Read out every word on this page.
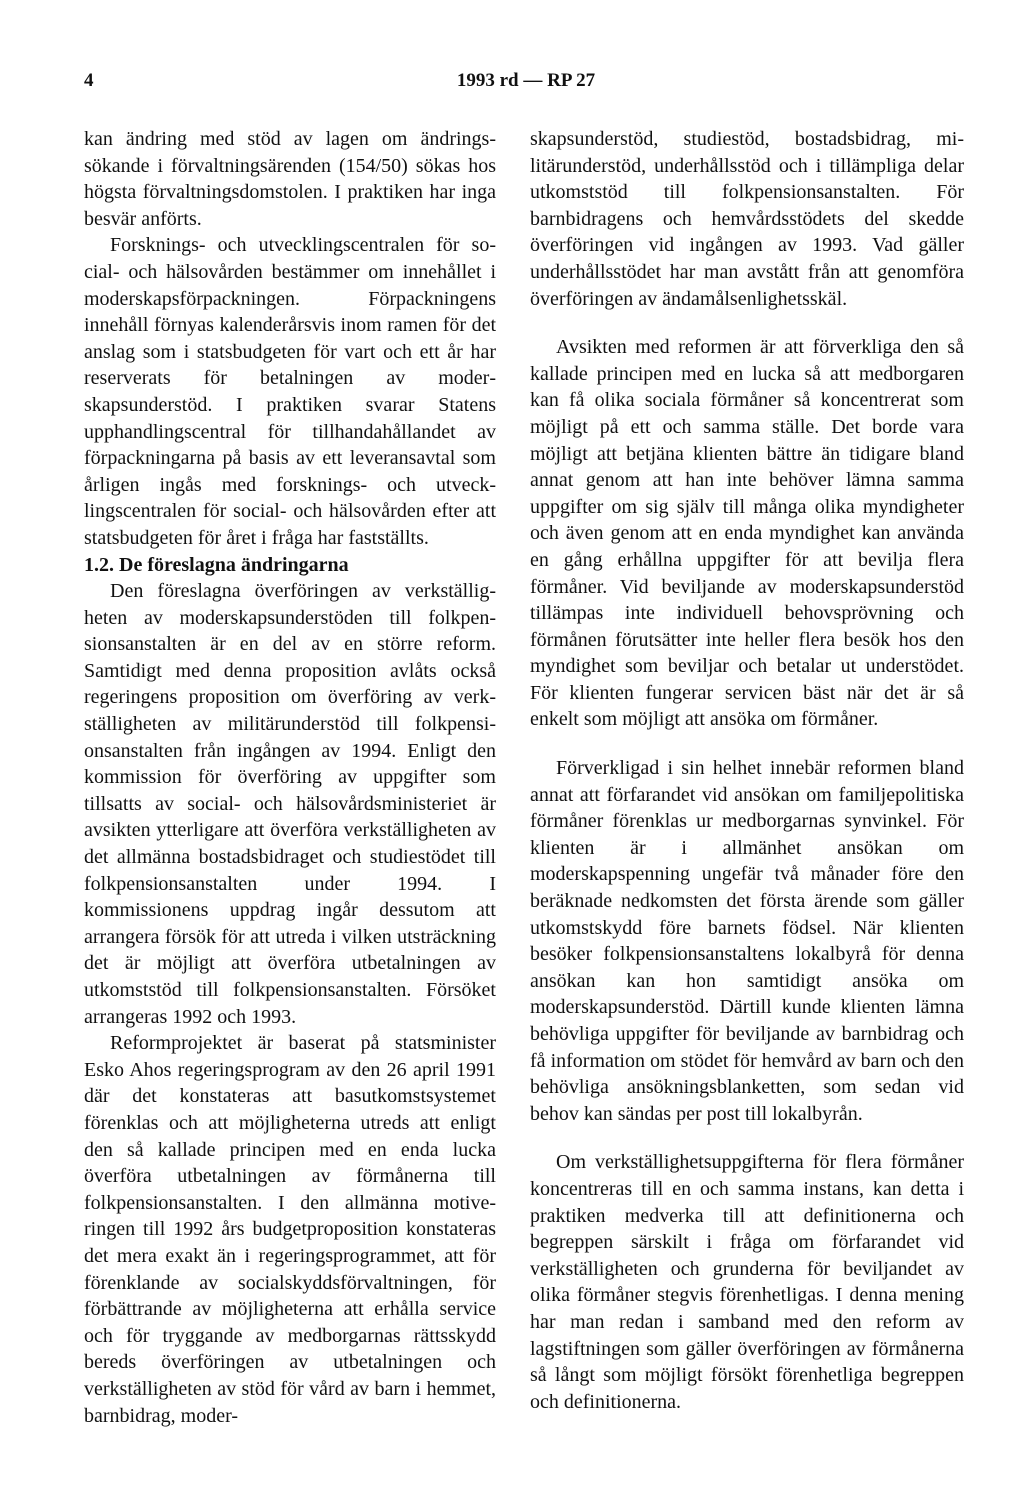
4	1993 rd — RP 27

kan ändring med stöd av lagen om ändringssökande i förvaltningsärenden (154/50) sökas hos högsta förvaltningsdomstolen. I praktiken har inga besvär anförts.

Forsknings- och utvecklingscentralen för social- och hälsovården bestämmer om innehållet i moderskapsförpackningen. Förpackningens innehåll förnyas kalenderårsvis inom ramen för det anslag som i statsbudgeten för vart och ett år har reserverats för betalningen av moderskapsunderstöd. I praktiken svarar Statens upphandlingscentral för tillhandahållandet av förpackningarna på basis av ett leveransavtal som årligen ingås med forsknings- och utvecklingscentralen för social- och hälsovården efter att statsbudgeten för året i fråga har fastställts.

1.2. De föreslagna ändringarna

Den föreslagna överföringen av verkställigheten av moderskapsunderstöden till folkpensionsanstalten är en del av en större reform. Samtidigt med denna proposition avlåts också regeringens proposition om överföring av verkställigheten av militärunderstöd till folkpensionsanstalten från ingången av 1994. Enligt den kommission för överföring av uppgifter som tillsatts av social- och hälsovårdsministeriet är avsikten ytterligare att överföra verkställigheten av det allmänna bostadsbidraget och studiestödet till folkpensionsanstalten under 1994. I kommissionens uppdrag ingår dessutom att arrangera försök för att utreda i vilken utsträckning det är möjligt att överföra utbetalningen av utkomststöd till folkpensionsanstalten. Försöket arrangeras 1992 och 1993.

Reformprojektet är baserat på statsminister Esko Ahos regeringsprogram av den 26 april 1991 där det konstateras att basutkomstsystemet förenklas och att möjligheterna utreds att enligt den så kallade principen med en enda lucka överföra utbetalningen av förmånerna till folkpensionsanstalten. I den allmänna motiveringen till 1992 års budgetproposition konstateras det mera exakt än i regeringsprogrammet, att för förenklande av socialskyddsförvaltningen, för förbättrande av möjligheterna att erhålla service och för tryggande av medborgarnas rättsskydd bereds överföringen av utbetalningen och verkställigheten av stöd för vård av barn i hemmet, barnbidrag, moder-

skapsunderstöd, studiestöd, bostadsbidrag, militärunderstöd, underhållsstöd och i tillämpliga delar utkomststöd till folkpensionsanstalten. För barnbidragens och hemvårdsstödets del skedde överföringen vid ingången av 1993. Vad gäller underhållsstödet har man avstått från att genomföra överföringen av ändamålsenlighetsskäl.

Avsikten med reformen är att förverkliga den så kallade principen med en lucka så att medborgaren kan få olika sociala förmåner så koncentrerat som möjligt på ett och samma ställe. Det borde vara möjligt att betjäna klienten bättre än tidigare bland annat genom att han inte behöver lämna samma uppgifter om sig själv till många olika myndigheter och även genom att en enda myndighet kan använda en gång erhållna uppgifter för att bevilja flera förmåner. Vid beviljande av moderskapsunderstöd tillämpas inte individuell behovsprövning och förmånen förutsätter inte heller flera besök hos den myndighet som beviljar och betalar ut understödet. För klienten fungerar servicen bäst när det är så enkelt som möjligt att ansöka om förmåner.

Förverkligad i sin helhet innebär reformen bland annat att förfarandet vid ansökan om familjepolitiska förmåner förenklas ur medborgarnas synvinkel. För klienten är i allmänhet ansökan om moderskapspenning ungefär två månader före den beräknade nedkomsten det första ärende som gäller utkomstskydd före barnets födsel. När klienten besöker folkpensionsanstaltens lokalbyrå för denna ansökan kan hon samtidigt ansöka om moderskapsunderstöd. Därtill kunde klienten lämna behövliga uppgifter för beviljande av barnbidrag och få information om stödet för hemvård av barn och den behövliga ansökningsblanketten, som sedan vid behov kan sändas per post till lokalbyrån.

Om verkställighetsuppgifterna för flera förmåner koncentreras till en och samma instans, kan detta i praktiken medverka till att definitionerna och begreppen särskilt i fråga om förfarandet vid verkställigheten och grunderna för beviljandet av olika förmåner stegvis förenhetligas. I denna mening har man redan i samband med den reform av lagstiftningen som gäller överföringen av förmånerna så långt som möjligt försökt förenhetliga begreppen och definitionerna.
